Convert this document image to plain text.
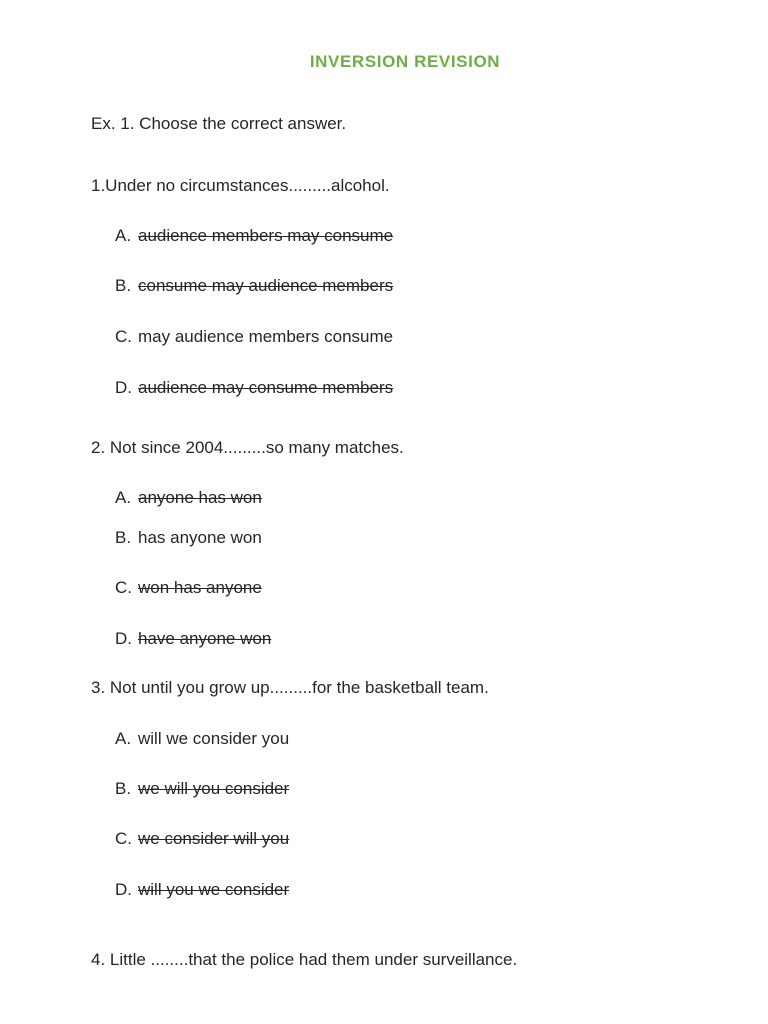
INVERSION REVISION
Ex. 1. Choose the correct answer.
1.Under no circumstances.........alcohol.
A. audience members may consume
B. consume may audience members
C. may audience members consume
D. audience may consume members
2. Not since 2004.........so many matches.
A. anyone has won
B. has anyone won
C. won has anyone
D. have anyone won
3. Not until you grow up.........for the basketball team.
A. will we consider you
B. we will you consider
C. we consider will you
D. will you we consider
4. Little ........that the police had them under surveillance.
